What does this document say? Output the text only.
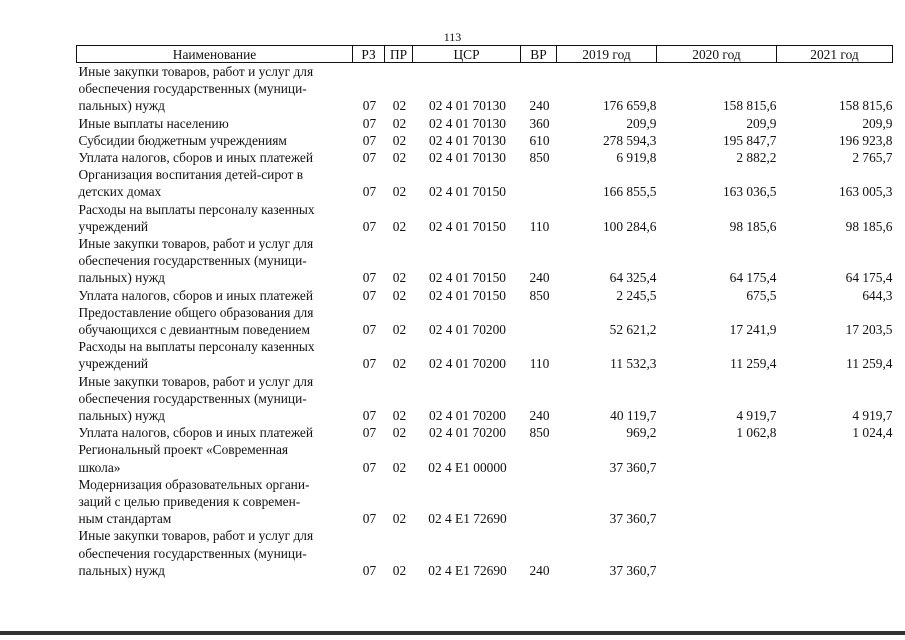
113
Наименование	РЗ	ПР	ЦСР	ВР	2019 год	2020 год	2021 год

Иные закупки товаров, работ и услуг для
обеспечения государственных (муници-
пальных) нужд	07	02	02 4 01 70130	240	176 659,8	158 815,6	158 815,6

Иные выплаты населению	07	02	02 4 01 70130	360	209,9	209,9	209,9

Субсидии бюджетным учреждениям	07	02	02 4 01 70130	610	278 594,3	195 847,7	196 923,8

Уплата налогов, сборов и иных платежей	07	02	02 4 01 70130	850	6 919,8	2 882,2	2 765,7

Организация воспитания детей-сирот в
детских домах	07	02	02 4 01 70150		166 855,5	163 036,5	163 005,3

Расходы на выплаты персоналу казенных
учреждений	07	02	02 4 01 70150	110	100 284,6	98 185,6	98 185,6

Иные закупки товаров, работ и услуг для
обеспечения государственных (муници-
пальных) нужд	07	02	02 4 01 70150	240	64 325,4	64 175,4	64 175,4

Уплата налогов, сборов и иных платежей	07	02	02 4 01 70150	850	2 245,5	675,5	644,3

Предоставление общего образования для
обучающихся с девиантным поведением	07	02	02 4 01 70200		52 621,2	17 241,9	17 203,5

Расходы на выплаты персоналу казенных
учреждений	07	02	02 4 01 70200	110	11 532,3	11 259,4	11 259,4

Иные закупки товаров, работ и услуг для
обеспечения государственных (муници-
пальных) нужд	07	02	02 4 01 70200	240	40 119,7	4 919,7	4 919,7

Уплата налогов, сборов и иных платежей	07	02	02 4 01 70200	850	969,2	1 062,8	1 024,4

Региональный проект «Современная
школа»	07	02	02 4 E1 00000		37 360,7		

Модернизация образовательных органи-
заций с целью приведения к современ-
ным стандартам	07	02	02 4 E1 72690		37 360,7		

Иные закупки товаров, работ и услуг для
обеспечения государственных (муници-
пальных) нужд	07	02	02 4 E1 72690	240	37 360,7		
